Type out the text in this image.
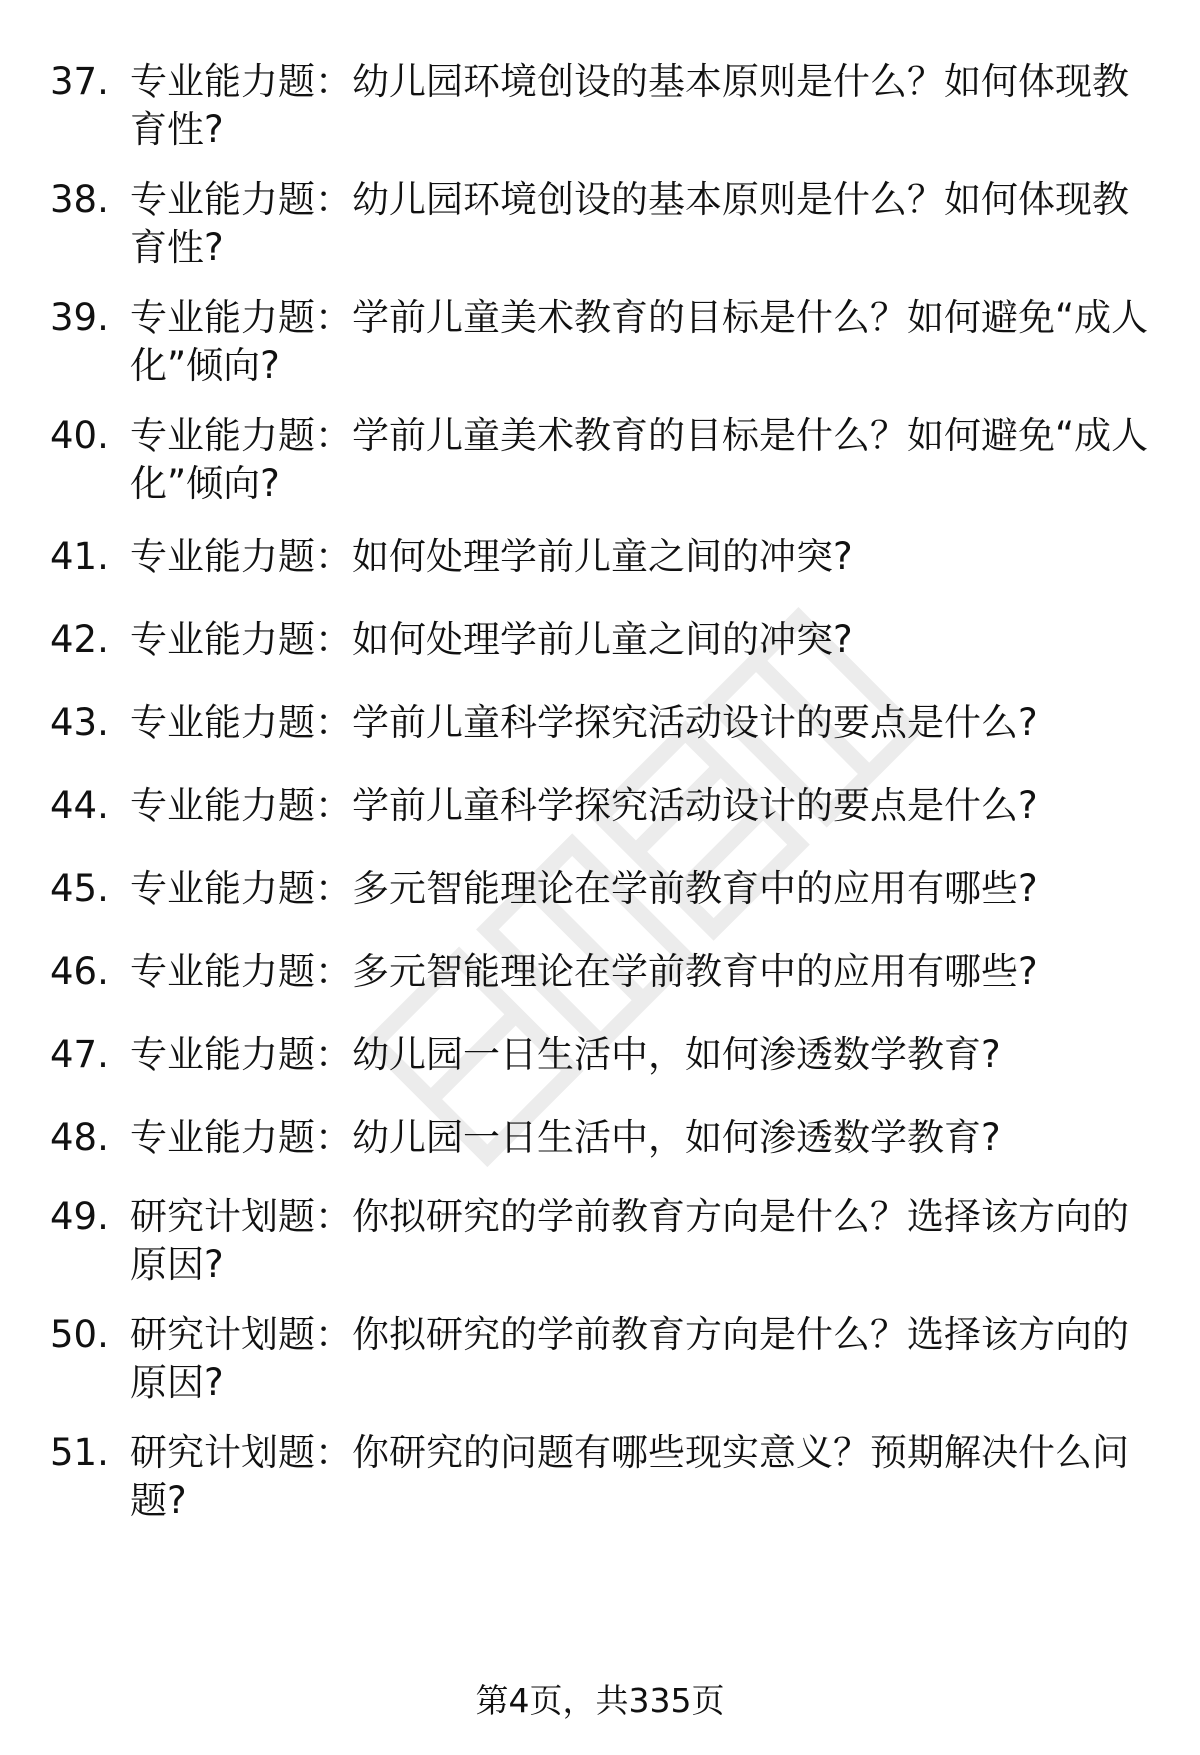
37. 专业能力题：幼儿园环境创设的基本原则是什么？如何体现教育性?
38. 专业能力题：幼儿园环境创设的基本原则是什么？如何体现教育性?
39. 专业能力题：学前儿童美术教育的目标是什么？如何避免“成人化”倾向?
40. 专业能力题：学前儿童美术教育的目标是什么？如何避免“成人化”倾向?
41. 专业能力题：如何处理学前儿童之间的冲突?
42. 专业能力题：如何处理学前儿童之间的冲突?
43. 专业能力题：学前儿童科学探究活动设计的要点是什么?
44. 专业能力题：学前儿童科学探究活动设计的要点是什么?
45. 专业能力题：多元智能理论在学前教育中的应用有哪些?
46. 专业能力题：多元智能理论在学前教育中的应用有哪些?
47. 专业能力题：幼儿园一日生活中，如何渗透数学教育?
48. 专业能力题：幼儿园一日生活中，如何渗透数学教育?
49. 研究计划题：你拟研究的学前教育方向是什么？选择该方向的原因?
50. 研究计划题：你拟研究的学前教育方向是什么？选择该方向的原因?
51. 研究计划题：你研究的问题有哪些现实意义？预期解决什么问题?
第4页，共335页
